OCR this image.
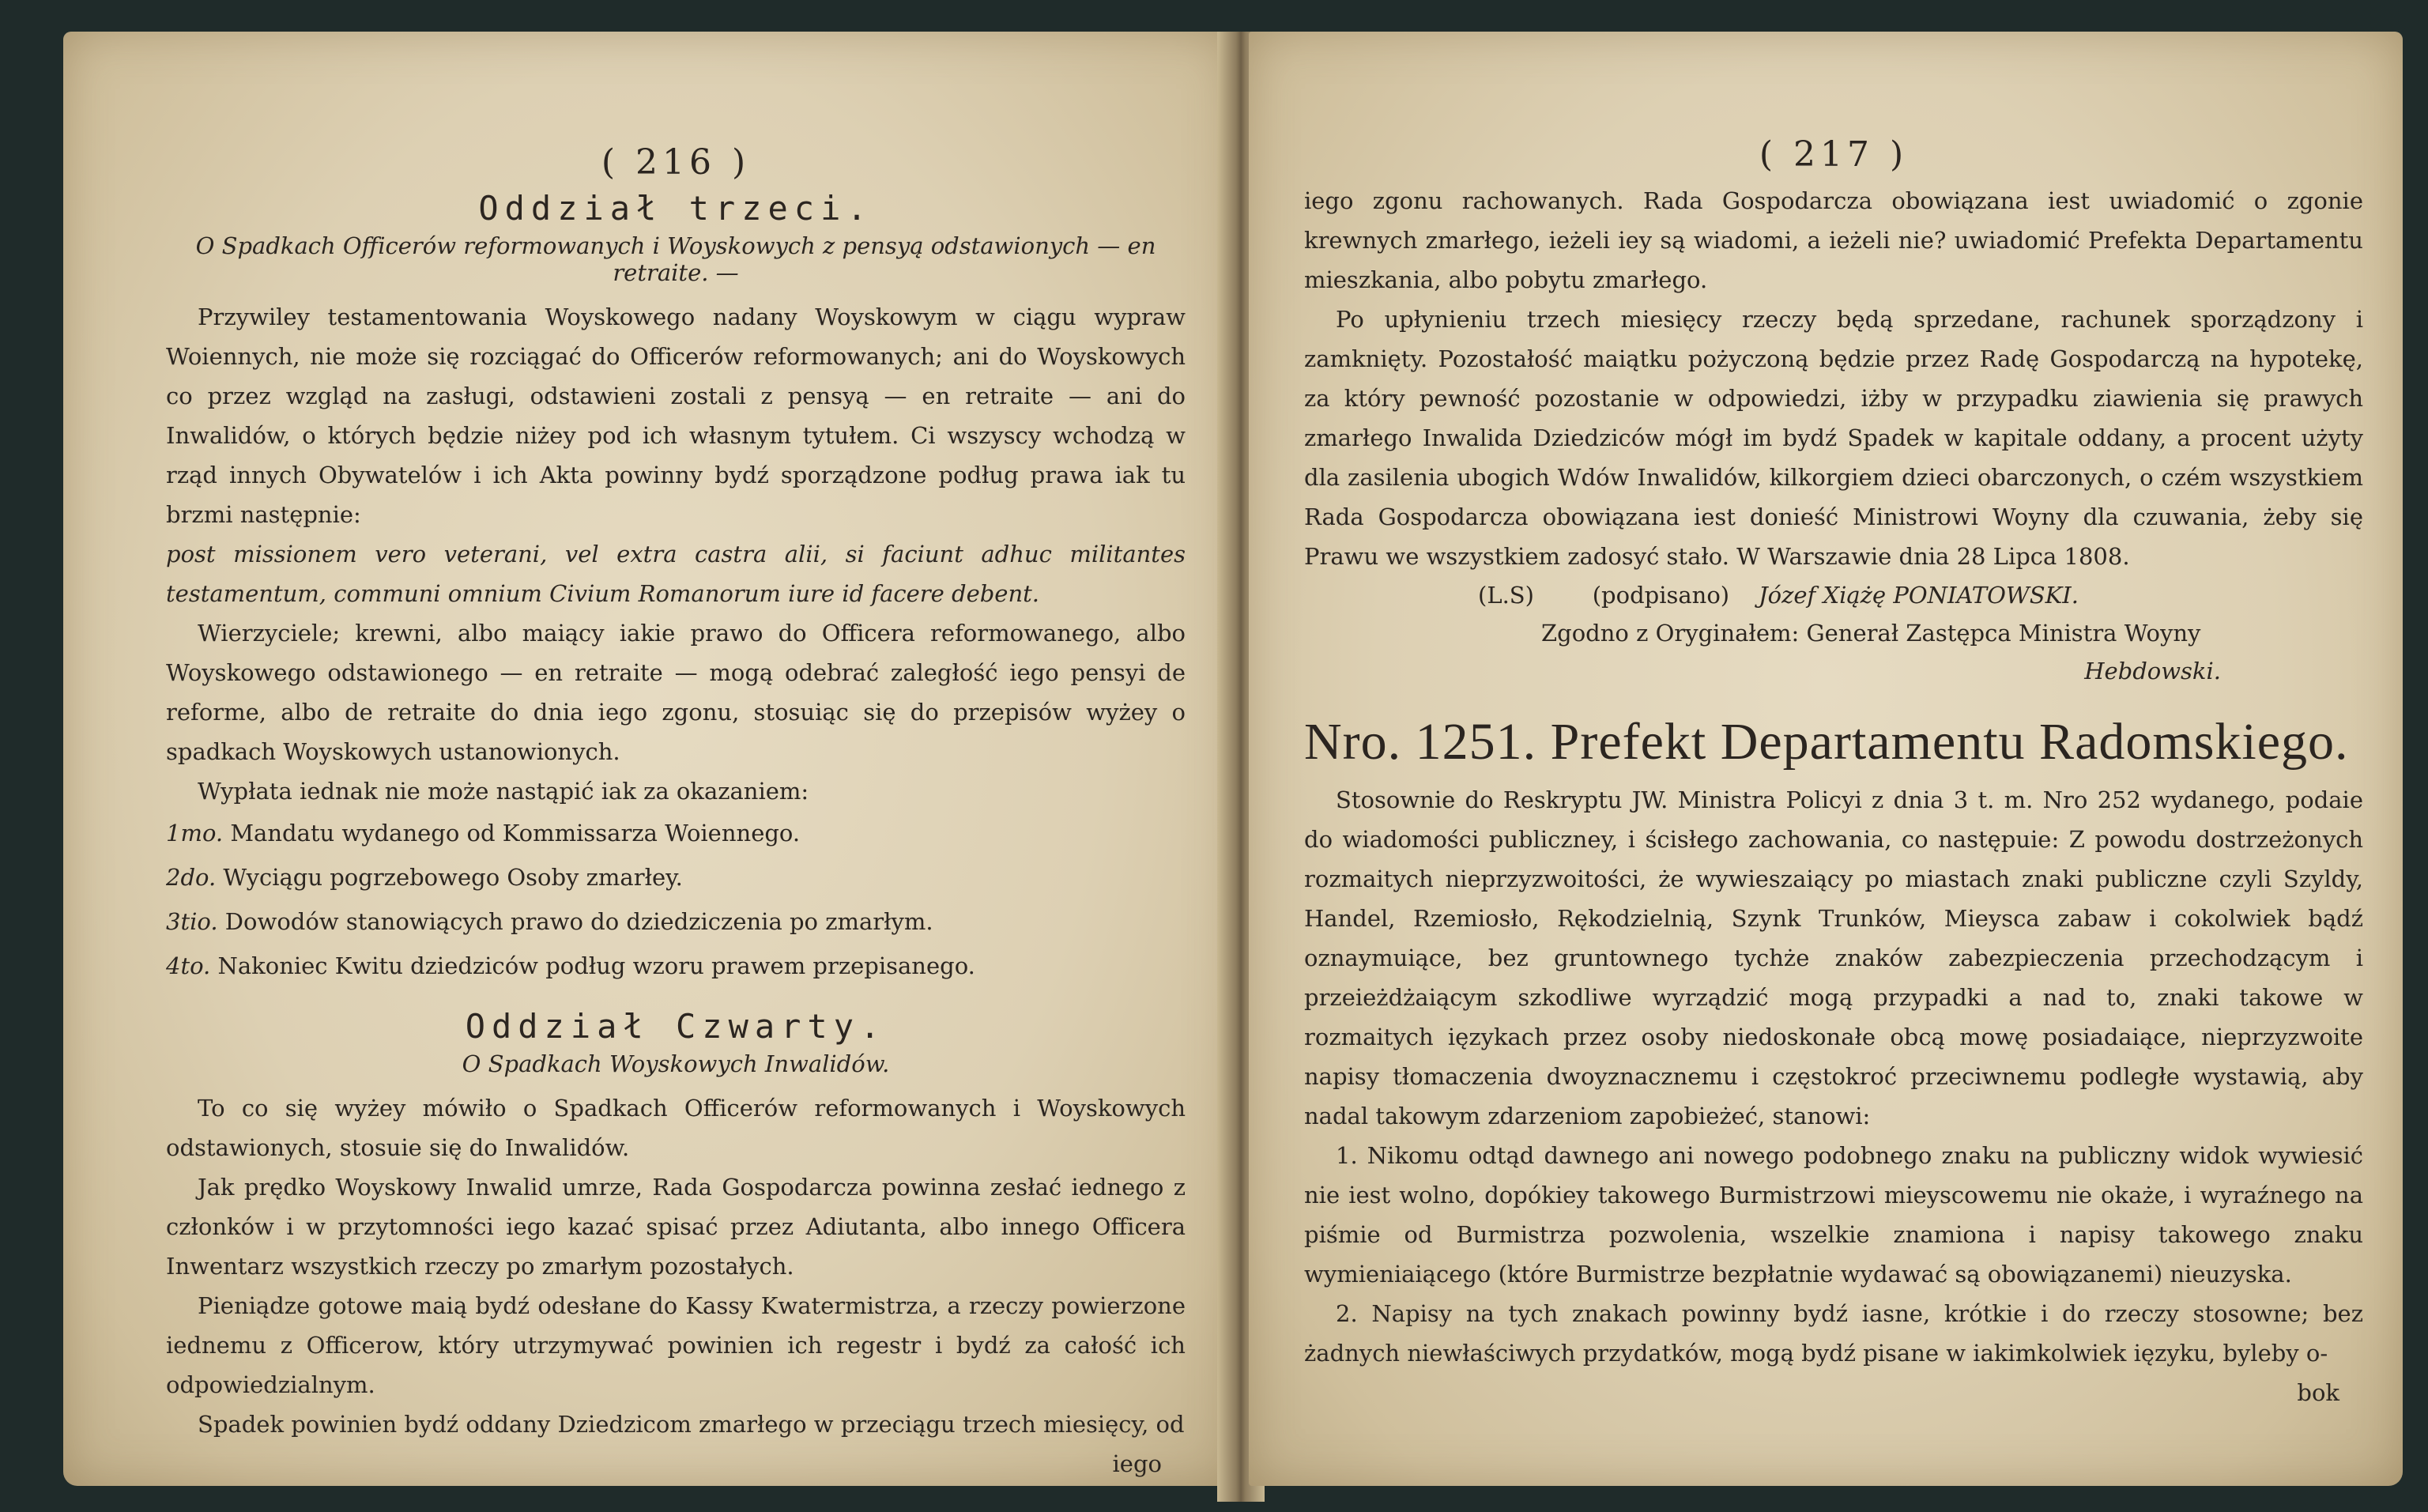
( 216 )
Oddział trzeci.
O Spadkach Officerów reformowanych i Woyskowych z pensyą odstawionych — en retraite. —

Przywiley testamentowania Woyskowego nadany Woyskowym w ciągu wypraw Woiennych, nie może się rozciągać do Officerów reformowanych; ani do Woyskowych co przez wzgląd na zasługi, odstawieni zostali z pensyą — en retraite — ani do Inwalidów, o których będzie niżey pod ich własnym tytułem. Ci wszyscy wchodzą w rząd innych Obywatelów i ich Akta powinny bydź sporządzone podług prawa iak tu brzmi następnie:

post missionem vero veterani, vel extra castra alii, si faciunt adhuc militantes testamentum, communi omnium Civium Romanorum iure id facere debent.

Wierzyciele; krewni, albo maiący iakie prawo do Officera reformowanego, albo Woyskowego odstawionego — en retraite — mogą odebrać zaległość iego pensyi de reforme, albo de retraite do dnia iego zgonu, stosuiąc się do przepisów wyżey o spadkach Woyskowych ustanowionych.

Wypłata iednak nie może nastąpić iak za okazaniem:

1mo. Mandatu wydanego od Kommissarza Woiennego.
2do. Wyciągu pogrzebowego Osoby zmarłey.
3tio. Dowodów stanowiących prawo do dziedziczenia po zmarłym.
4to. Nakoniec Kwitu dziedziców podług wzoru prawem przepisanego.
Oddział Czwarty.
O Spadkach Woyskowych Inwalidów.

To co się wyżey mówiło o Spadkach Officerów reformowanych i Woyskowych odstawionych, stosuie się do Inwalidów.

Jak prędko Woyskowy Inwalid umrze, Rada Gospodarcza powinna zesłać iednego z członków i w przytomności iego kazać spisać przez Adiutanta, albo innego Officera Inwentarz wszystkich rzeczy po zmarłym pozostałych.

Pieniądze gotowe maią bydź odesłane do Kassy Kwatermistrza, a rzeczy powierzone iednemu z Officerow, który utrzymywać powinien ich regestr i bydź za całość ich odpowiedzialnym.

Spadek powinien bydź oddany Dziedzicom zmarłego w przeciągu trzech miesięcy, od

iego
( 217 )

iego zgonu rachowanych. Rada Gospodarcza obowiązana iest uwiadomić o zgonie krewnych zmarłego, ieżeli iey są wiadomi, a ieżeli nie? uwiadomić Prefekta Departamentu mieszkania, albo pobytu zmarłego.

Po upłynieniu trzech miesięcy rzeczy będą sprzedane, rachunek sporządzony i zamknięty. Pozostałość maiątku pożyczoną będzie przez Radę Gospodarczą na hypotekę, za który pewność pozostanie w odpowiedzi, iżby w przypadku ziawienia się prawych zmarłego Inwalida Dziedziców mógł im bydź Spadek w kapitale oddany, a procent użyty dla zasilenia ubogich Wdów Inwalidów, kilkorgiem dzieci obarczonych, o czém wszystkiem Rada Gospodarcza obowiązana iest donieść Ministrowi Woyny dla czuwania, żeby się Prawu we wszystkiem zadosyć stało. W Warszawie dnia 28 Lipca 1808.

(L.S)	(podpisano) Józef Xiążę PONIATOWSKI.
Zgodno z Oryginałem: Generał Zastępca Ministra Woyny
Hebdowski.
Nro. 1251. Prefekt Departamentu Radomskiego.

Stosownie do Reskryptu JW. Ministra Policyi z dnia 3 t. m. Nro 252 wydanego, podaie do wiadomości publiczney, i ścisłego zachowania, co następuie: Z powodu dostrzeżonych rozmaitych nieprzyzwoitości, że wywieszaiący po miastach znaki publiczne czyli Szyldy, Handel, Rzemiosło, Rękodzielnią, Szynk Trunków, Mieysca zabaw i cokolwiek bądź oznaymuiące, bez gruntownego tychże znaków zabezpieczenia przechodzącym i przeieżdżaiącym szkodliwe wyrządzić mogą przypadki a nad to, znaki takowe w rozmaitych ięzykach przez osoby niedoskonałe obcą mowę posiadaiące, nieprzyzwoite napisy tłomaczenia dwoyznacznemu i częstokroć przeciwnemu podległe wystawią, aby nadal takowym zdarzeniom zapobieżeć, stanowi:

1. Nikomu odtąd dawnego ani nowego podobnego znaku na publiczny widok wywiesić nie iest wolno, dopókiey takowego Burmistrzowi mieyscowemu nie okaże, i wyraźnego na piśmie od Burmistrza pozwolenia, wszelkie znamiona i napisy takowego znaku wymieniaiącego (które Burmistrze bezpłatnie wydawać są obowiązanemi) nieuzyska.

2. Napisy na tych znakach powinny bydź iasne, krótkie i do rzeczy stosowne; bez żadnych niewłaściwych przydatków, mogą bydź pisane w iakimkolwiek ięzyku, byleby o-

bok
